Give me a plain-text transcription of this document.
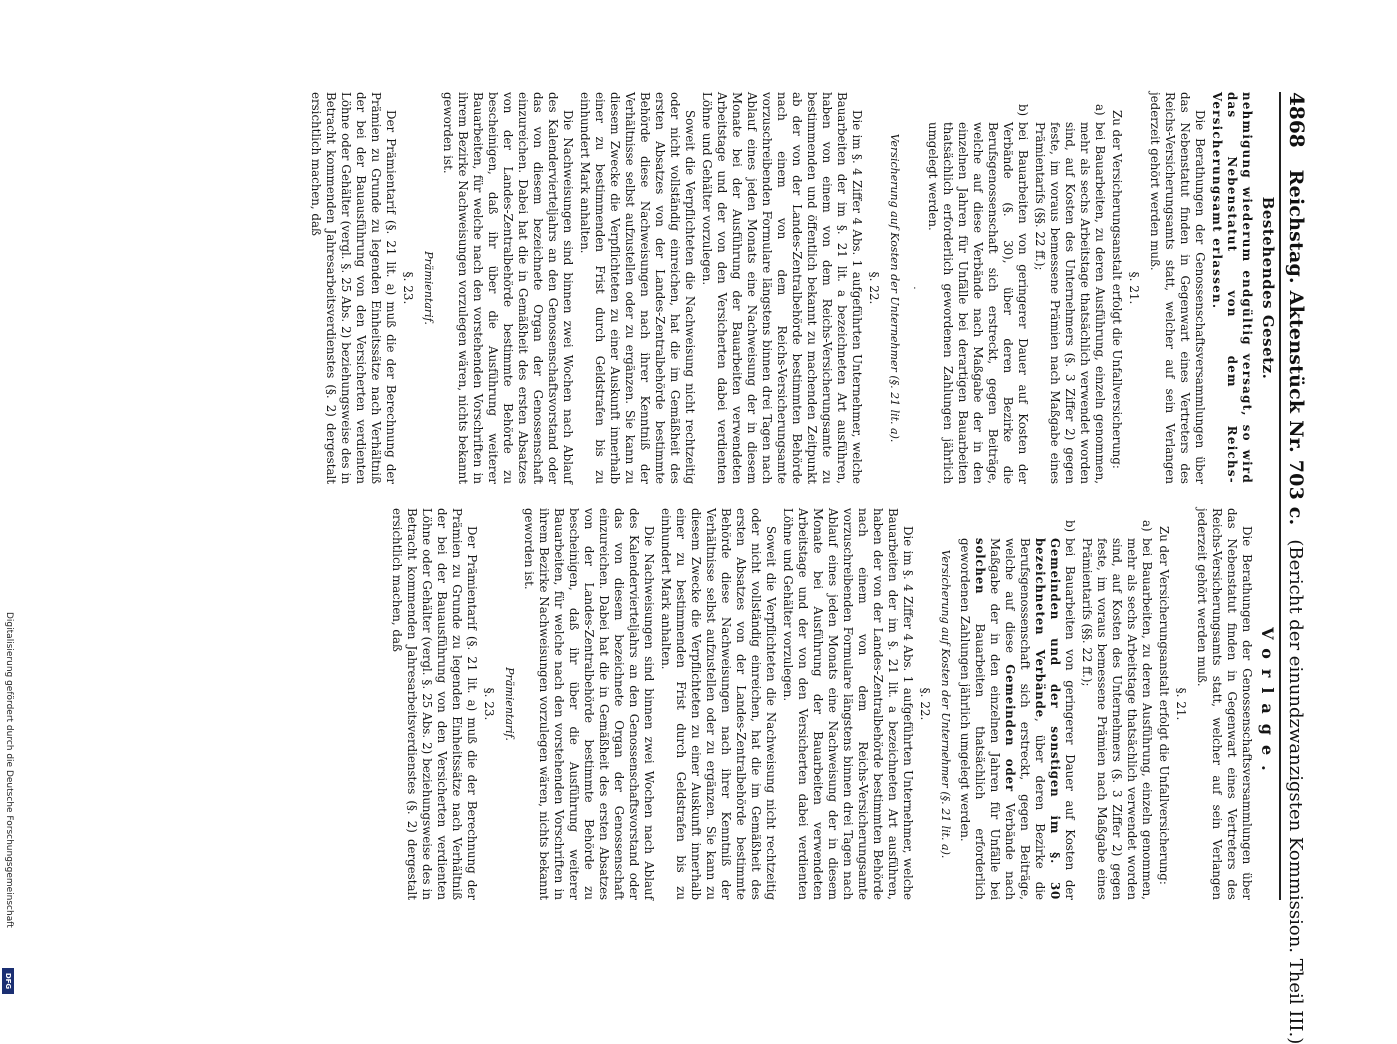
4868
Reichstag. Aktenstück Nr. 703 c.
(Bericht der einundzwanzigsten Kommission. Theil III.)
Bestehendes Gesetz.

nehmigung wiederum endgültig versagt, so wird das Nebenstatut von dem Reichs-Versicherungsamt erlassen.

Die Berathungen der Genossenschaftsversammlungen über das Nebenstatut finden in Gegenwart eines Vertreters des Reichs-Versicherungsamts statt, welcher auf sein Verlangen jederzeit gehört werden muß.

§. 21.

Zu der Versicherungsanstalt erfolgt die Unfallversicherung:

a)
bei Bauarbeiten, zu deren Ausführung, einzeln genommen, mehr als sechs Arbeitstage thatsächlich verwendet worden sind, auf Kosten des Unternehmers (§. 3 Ziffer 2) gegen feste, im voraus bemessene Prämien nach Maßgabe eines Prämientarifs (§§. 22 ff.);
b)
bei Bauarbeiten von geringerer Dauer auf Kosten der Verbände (§. 30), über deren Bezirke die Berufsgenossenschaft sich erstreckt, gegen Beiträge, welche auf diese Verbände nach Maßgabe der in den einzelnen Jahren für Unfälle bei derartigen Bauarbeiten thatsächlich erforderlich gewordenen Zahlungen jährlich umgelegt werden.
·
Versicherung auf Kosten der Unternehmer (§. 21 lit. a).
§. 22.

Die im §. 4 Ziffer 4 Abs. 1 aufgeführten Unternehmer, welche Bauarbeiten der im §. 21 lit. a bezeichneten Art ausführen, haben von einem von dem Reichs-Versicherungsamte zu bestimmenden und öffentlich bekannt zu machenden Zeitpunkt ab der von der Landes-Zentralbehörde bestimmten Behörde nach einem von dem Reichs-Versicherungsamte vorzuschreibenden Formulare längstens binnen drei Tagen nach Ablauf eines jeden Monats eine Nachweisung der in diesem Monate bei der Ausführung der Bauarbeiten verwendeten Arbeitstage und der von den Versicherten dabei verdienten Löhne und Gehälter vorzulegen.

Soweit die Verpflichteten die Nachweisung nicht rechtzeitig oder nicht vollständig einreichen, hat die im Gemäßheit des ersten Absatzes von der Landes-Zentralbehörde bestimmte Behörde diese Nachweisungen nach ihrer Kenntniß der Verhältnisse selbst aufzustellen oder zu ergänzen. Sie kann zu diesem Zwecke die Verpflichteten zu einer Auskunft innerhalb einer zu bestimmenden Frist durch Geldstrafen bis zu einhundert Mark anhalten.

Die Nachweisungen sind binnen zwei Wochen nach Ablauf des Kalendervierteljahrs an den Genossenschaftsvorstand oder das von diesem bezeichnete Organ der Genossenschaft einzureichen. Dabei hat die in Gemäßheit des ersten Absatzes von der Landes-Zentralbehörde bestimmte Behörde zu bescheinigen, daß ihr über die Ausführung weiterer Bauarbeiten, für welche nach den vorstehenden Vorschriften in ihrem Bezirke Nachweisungen vorzulegen wären, nichts bekannt geworden ist.

Prämientarif.
§. 23.

Der Prämientarif (§. 21 lit. a) muß die der Berechnung der Prämien zu Grunde zu legenden Einheitssätze nach Verhältniß der bei der Bauausführung von den Versicherten verdienten Löhne oder Gehälter (vergl. §. 25 Abs. 2) beziehungsweise des in Betracht kommenden Jahresarbeitsverdienstes (§. 2) dergestalt ersichtlich machen, daß

Vorlage.

Die Berathungen der Genossenschaftsversammlungen über das Nebenstatut finden in Gegenwart eines Vertreters des Reichs-Versicherungsamts statt, welcher auf sein Verlangen jederzeit gehört werden muß.

§. 21.

Zu der Versicherungsanstalt erfolgt die Unfallversicherung:

a)
bei Bauarbeiten, zu deren Ausführung, einzeln genommen, mehr als sechs Arbeitstage thatsächlich verwendet worden sind, auf Kosten des Unternehmers (§. 3 Ziffer 2) gegen feste, im voraus bemessene Prämien nach Maßgabe eines Prämientarifs (§§. 22 ff.);
b)
bei Bauarbeiten von geringerer Dauer auf Kosten der Gemeinden und der sonstigen im §. 30 bezeichneten Verbände, über deren Bezirke die Berufsgenossenschaft sich erstreckt, gegen Beiträge, welche auf diese Gemeinden oder Verbände nach Maßgabe der in den einzelnen Jahren für Unfälle bei solchen Bauarbeiten thatsächlich erforderlich gewordenen Zahlungen jährlich umgelegt werden.
Versicherung auf Kosten der Unternehmer (§. 21 lit. a).
§. 22.

Die im §. 4 Ziffer 4 Abs. 1 aufgeführten Unternehmer, welche Bauarbeiten der im §. 21 lit. a bezeichneten Art ausführen, haben der von der Landes-Zentralbehörde bestimmten Behörde nach einem von dem Reichs-Versicherungsamte vorzuschreibenden Formulare längstens binnen drei Tagen nach Ablauf eines jeden Monats eine Nachweisung der in diesem Monate bei Ausführung der Bauarbeiten verwendeten Arbeitstage und der von den Versicherten dabei verdienten Löhne und Gehälter vorzulegen.

Soweit die Verpflichteten die Nachweisung nicht rechtzeitig oder nicht vollständig einreichen, hat die im Gemäßheit des ersten Absatzes von der Landes-Zentralbehörde bestimmte Behörde diese Nachweisungen nach ihrer Kenntniß der Verhältnisse selbst aufzustellen oder zu ergänzen. Sie kann zu diesem Zwecke die Verpflichteten zu einer Auskunft innerhalb einer zu bestimmenden Frist durch Geldstrafen bis zu einhundert Mark anhalten.

Die Nachweisungen sind binnen zwei Wochen nach Ablauf des Kalendervierteljahrs an den Genossenschaftsvorstand oder das von diesem bezeichnete Organ der Genossenschaft einzureichen. Dabei hat die in Gemäßheit des ersten Absatzes von der Landes-Zentralbehörde bestimmte Behörde zu bescheinigen, daß ihr über die Ausführung weiterer Bauarbeiten, für welche nach den vorstehenden Vorschriften in ihrem Bezirke Nachweisungen vorzulegen wären, nichts bekannt geworden ist.

Prämientarif.
§. 23.

Der Prämientarif (§. 21 lit. a) muß die der Berechnung der Prämien zu Grunde zu legenden Einheitssätze nach Verhältniß der bei der Bauausführung von den Versicherten verdienten Löhne oder Gehälter (vergl. §. 25 Abs. 2) beziehungsweise des in Betracht kommenden Jahresarbeitsverdienstes (§. 2) dergestalt ersichtlich machen, daß

Digitalisierung gefördert durch die Deutsche Forschungsgemeinschaft
DFG
